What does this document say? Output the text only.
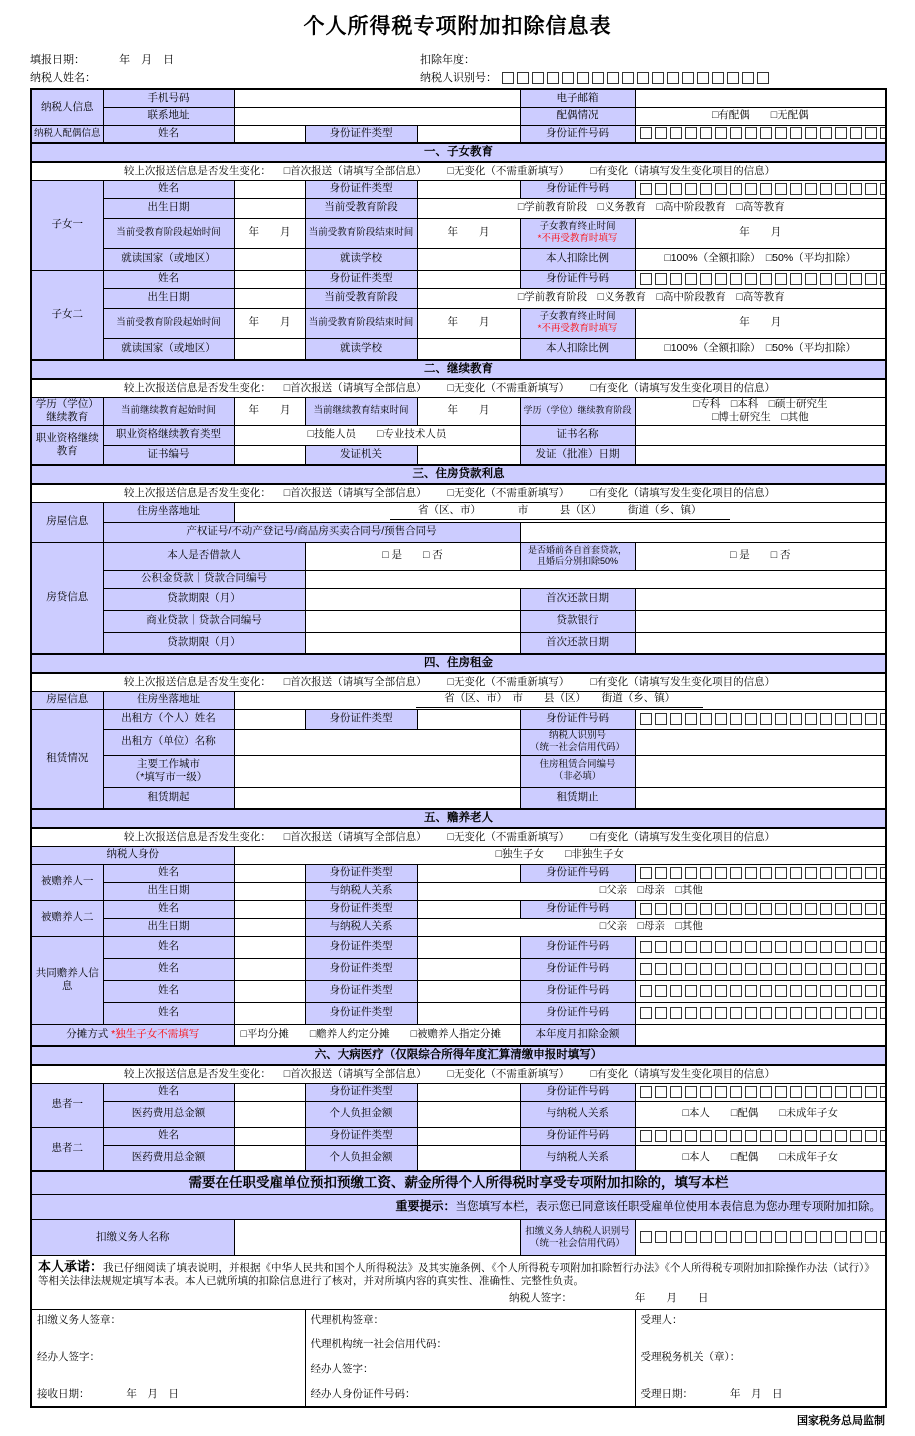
个人所得税专项附加扣除信息表
填报日期：	年　月　日	扣除年度：
纳税人姓名：	纳税人识别号：
纳税人信息	手机号码				电子邮箱	
	联系地址				配偶情况	□有配偶　　□无配偶
纳税人配偶信息	姓名		身份证件类型		身份证件号码	
一、子女教育						
较上次报送信息是否发生变化： □首次报送（请填写全部信息） □无变化（不需重新填写） □有变化（请填写发生变化项目的信息）						
子女一	姓名		身份证件类型		身份证件号码	
	出生日期		当前受教育阶段	□学前教育阶段　□义务教育　□高中阶段教育　□高等教育		
	当前受教育阶段起始时间	年　　月	当前受教育阶段结束时间	年　　月	子女教育终止时间
*不再受教育时填写	年　　月
	就读国家（或地区）		就读学校		本人扣除比例	□100%（全额扣除）　□50%（平均扣除）
子女二	姓名		身份证件类型		身份证件号码	
	出生日期		当前受教育阶段	□学前教育阶段　□义务教育　□高中阶段教育　□高等教育		
	当前受教育阶段起始时间	年　　月	当前受教育阶段结束时间	年　　月	子女教育终止时间
*不再受教育时填写	年　　月
	就读国家（或地区）		就读学校		本人扣除比例	□100%（全额扣除）　□50%（平均扣除）
二、继续教育						
较上次报送信息是否发生变化： □首次报送（请填写全部信息） □无变化（不需重新填写） □有变化（请填写发生变化项目的信息）						
学历（学位）继续教育	当前继续教育起始时间	年　　月	当前继续教育结束时间	年　　月	学历（学位）继续教育阶段	□专科　□本科　□硕士研究生
□博士研究生　□其他
职业资格继续教育	职业资格继续教育类型	□技能人员　　□专业技术人员			证书名称	
	证书编号		发证机关		发证（批准）日期	
三、住房贷款利息						
较上次报送信息是否发生变化： □首次报送（请填写全部信息） □无变化（不需重新填写） □有变化（请填写发生变化项目的信息）						
房屋信息	住房坐落地址	省（区、市）　　　　市　　　县（区）　　　街道（乡、镇）				
	产权证号/不动产登记号/商品房买卖合同号/预售合同号					
房贷信息	本人是否借款人		□ 是　　□ 否		是否婚前各自首套贷款，
且婚后分别扣除50%	□ 是　　□ 否
	公积金贷款｜贷款合同编号					
	贷款期限（月）				首次还款日期	
	商业贷款｜贷款合同编号				贷款银行	
	贷款期限（月）				首次还款日期	
四、住房租金						
较上次报送信息是否发生变化： □首次报送（请填写全部信息） □无变化（不需重新填写） □有变化（请填写发生变化项目的信息）						
房屋信息	住房坐落地址	省（区、市）　市　　县（区）　　街道（乡、镇）				
租赁情况	出租方（个人）姓名		身份证件类型		身份证件号码	
	出租方（单位）名称				纳税人识别号
（统一社会信用代码）	
	主要工作城市
（*填写市一级）				住房租赁合同编号
（非必填）	
	租赁期起				租赁期止	
五、赡养老人						
较上次报送信息是否发生变化： □首次报送（请填写全部信息） □无变化（不需重新填写） □有变化（请填写发生变化项目的信息）						
纳税人身份		□独生子女　　□非独生子女				
被赡养人一	姓名		身份证件类型		身份证件号码	
	出生日期		与纳税人关系	□父亲　□母亲　□其他		
被赡养人二	姓名		身份证件类型		身份证件号码	
	出生日期		与纳税人关系	□父亲　□母亲　□其他		
共同赡养人信息	姓名		身份证件类型		身份证件号码	
	姓名		身份证件类型		身份证件号码	
	姓名		身份证件类型		身份证件号码	
	姓名		身份证件类型		身份证件号码	
分摊方式 *独生子女不需填写		□平均分摊　　□赡养人约定分摊　　□被赡养人指定分摊			本年度月扣除金额	
六、大病医疗（仅限综合所得年度汇算清缴申报时填写）						
较上次报送信息是否发生变化： □首次报送（请填写全部信息） □无变化（不需重新填写） □有变化（请填写发生变化项目的信息）						
患者一	姓名		身份证件类型		身份证件号码	
	医药费用总金额		个人负担金额		与纳税人关系	□本人　　□配偶　　□未成年子女
患者二	姓名		身份证件类型		身份证件号码	
	医药费用总金额		个人负担金额		与纳税人关系	□本人　　□配偶　　□未成年子女
需要在任职受雇单位预扣预缴工资、薪金所得个人所得税时享受专项附加扣除的，填写本栏						
重要提示：当您填写本栏，表示您已同意该任职受雇单位使用本表信息为您办理专项附加扣除。						
扣缴义务人名称					扣缴义务人纳税人识别号
（统一社会信用代码）	
本人承诺：我已仔细阅读了填表说明，并根据《中华人民共和国个人所得税法》及其实施条例、《个人所得税专项附加扣除暂行办法》《个人所得税专项附加扣除操作办法（试行）》等相关法律法规规定填写本表。本人已就所填的扣除信息进行了核对，并对所填内容的真实性、准确性、完整性负责。
纳税人签字： 年　　月　　日						

扣缴义务人签章：
经办人签字：
接收日期：	年　月　日

代理机构签章：
代理机构统一社会信用代码：
经办人签字：
经办人身份证件号码：

受理人：
受理税务机关（章）：
受理日期：	年　月　日
国家税务总局监制
